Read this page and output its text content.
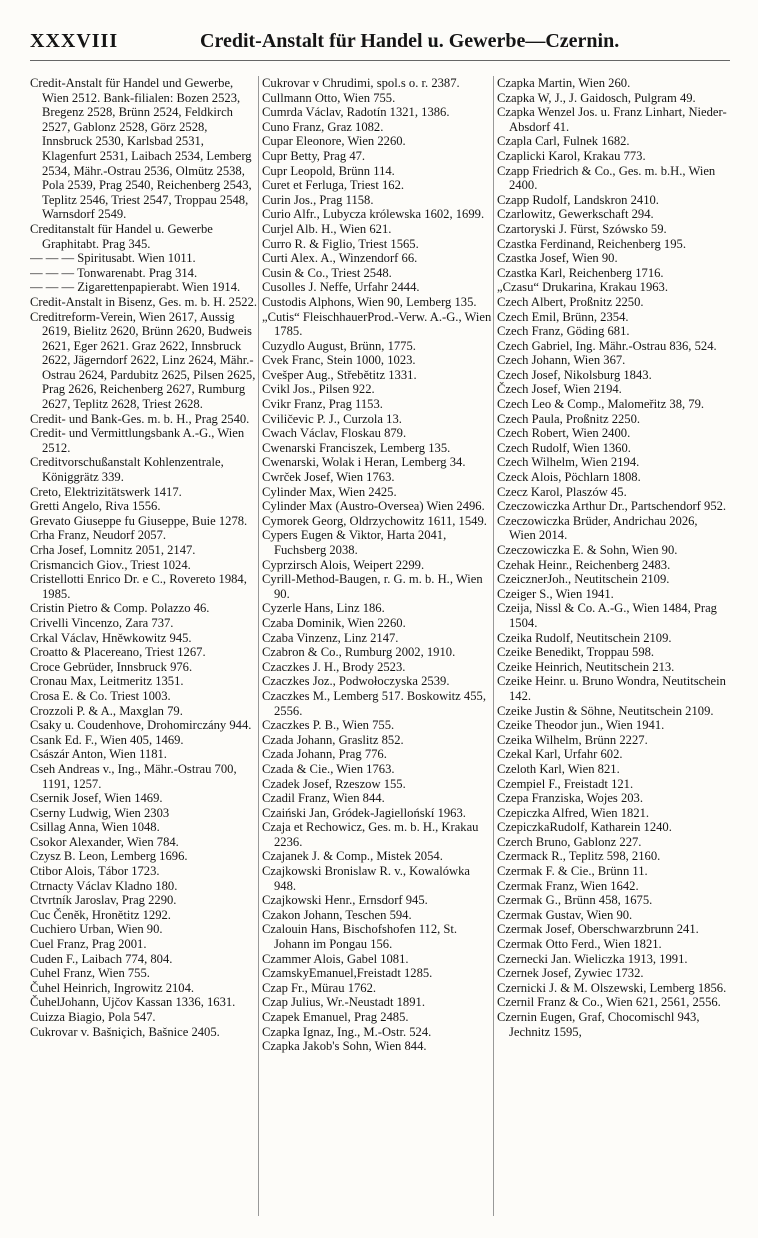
XXXVIII	Credit-Anstalt für Handel u. Gewerbe—Czernin.
Credit-Anstalt für Handel und Gewerbe, Wien 2512. Bank-filialen: Bozen 2523, Bregenz 2528, Brünn 2524, Feldkirch 2527, Gablonz 2528, Görz 2528, Innsbruck 2530, Karlsbad 2531, Klagenfurt 2531, Laibach 2534, Lemberg 2534, Mähr.-Ostrau 2536, Olmütz 2538, Pola 2539, Prag 2540, Reichenberg 2543, Teplitz 2546, Triest 2547, Troppau 2548, Warnsdorf 2549.
Creditanstalt für Handel u. Gewerbe Graphitabt. Prag 345.
— — — Spiritusabt. Wien 1011.
— — — Tonwarenabt. Prag 314.
— — — Zigarettenpapierabt. Wien 1914.
Credit-Anstalt in Bisenz, Ges. m. b. H. 2522.
Creditreform-Verein, Wien 2617, Aussig 2619, Bielitz 2620, Brünn 2620, Budweis 2621, Eger 2621. Graz 2622, Innsbruck 2622, Jägerndorf 2622, Linz 2624, Mähr.-Ostrau 2624, Pardubitz 2625, Pilsen 2625, Prag 2626, Reichenberg 2627, Rumburg 2627, Teplitz 2628, Triest 2628.
Credit- und Bank-Ges. m. b. H., Prag 2540.
Credit- und Vermittlungsbank A.-G., Wien 2512.
Creditvorschußanstalt Kohlenzentrale, Königgrätz 339.
Creto, Elektrizitätswerk 1417.
Gretti Angelo, Riva 1556.
Grevato Giuseppe fu Giuseppe, Buie 1278.
Crha Franz, Neudorf 2057.
Crha Josef, Lomnitz 2051, 2147.
Crismancich Giov., Triest 1024.
Cristellotti Enrico Dr. e C., Rovereto 1984, 1985.
Cristin Pietro & Comp. Polazzo 46.
Crivelli Vincenzo, Zara 737.
Crkal Václav, Hněwkowitz 945.
Croatto & Placereano, Triest 1267.
Croce Gebrüder, Innsbruck 976.
Cronau Max, Leitmeritz 1351.
Crosa E. & Co. Triest 1003.
Crozzoli P. & A., Maxglan 79.
Csaky u. Coudenhove, Drohomirczány 944.
Csank Ed. F., Wien 405, 1469.
Császár Anton, Wien 1181.
Cseh Andreas v., Ing., Mähr.-Ostrau 700, 1191, 1257.
Csernik Josef, Wien 1469.
Cserny Ludwig, Wien 2303
Csillag Anna, Wien 1048.
Csokor Alexander, Wien 784.
Czysz B. Leon, Lemberg 1696.
Ctibor Alois, Tábor 1723.
Ctrnacty Václav Kladno 180.
Ctvrtník Jaroslav, Prag 2290.
Cuc Čeněk, Hronětitz 1292.
Cuchiero Urban, Wien 90.
Cuel Franz, Prag 2001.
Cuden F., Laibach 774, 804.
Cuhel Franz, Wien 755.
Čuhel Heinrich, Ingrowitz 2104.
ČuhelJohann, Ujčov Kassan 1336, 1631.
Cuizza Biagio, Pola 547.
Cukrovar v. Bašniçich, Bašnice 2405.
Cukrovar v Chrudimi, spol.s o. r. 2387.
Cullmann Otto, Wien 755.
Cumrda Václav, Radotín 1321, 1386.
Cuno Franz, Graz 1082.
Cupar Eleonore, Wien 2260.
Cupr Betty, Prag 47.
Cupr Leopold, Brünn 114.
Curet et Ferluga, Triest 162.
Curin Jos., Prag 1158.
Curio Alfr., Lubycza królewska 1602, 1699.
Curjel Alb. H., Wien 621.
Curro R. & Figlio, Triest 1565.
Curti Alex. A., Winzendorf 66.
Cusin & Co., Triest 2548.
Cusolles J. Neffe, Urfahr 2444.
Custodis Alphons, Wien 90, Lemberg 135.
„Cutis“ FleischhauerProd.-Verw. A.-G., Wien 1785.
Cuzydlo August, Brünn, 1775.
Cvek Franc, Stein 1000, 1023.
Cvešper Aug., Střebětitz 1331.
Cvikl Jos., Pilsen 922.
Cvikr Franz, Prag 1153.
Cviličevic P. J., Curzola 13.
Cwach Václav, Floskau 879.
Cwenarski Franciszek, Lemberg 135.
Cwenarski, Wolak i Heran, Lemberg 34.
Cwrček Josef, Wien 1763.
Cylinder Max, Wien 2425.
Cylinder Max (Austro-Oversea) Wien 2496.
Cymorek Georg, Oldrzychowitz 1611, 1549.
Cypers Eugen & Viktor, Harta 2041, Fuchsberg 2038.
Cyprzirsch Alois, Weipert 2299.
Cyrill-Method-Baugen, r. G. m. b. H., Wien 90.
Cyzerle Hans, Linz 186.
Czaba Dominik, Wien 2260.
Czaba Vinzenz, Linz 2147.
Czabron & Co., Rumburg 2002, 1910.
Czaczkes J. H., Brody 2523.
Czaczkes Joz., Podwołoczyska 2539.
Czaczkes M., Lemberg 517. Boskowitz 455, 2556.
Czaczkes P. B., Wien 755.
Czada Johann, Graslitz 852.
Czada Johann, Prag 776.
Czada & Cie., Wien 1763.
Czadek Josef, Rzeszow 155.
Czadil Franz, Wien 844.
Czaiński Jan, Gródek-Jagiellońskí 1963.
Czaja et Rechowicz, Ges. m. b. H., Krakau 2236.
Czajanek J. & Comp., Mistek 2054.
Czajkowski Bronislaw R. v., Kowalówka 948.
Czajkowski Henr., Ernsdorf 945.
Czakon Johann, Teschen 594.
Czalouin Hans, Bischofshofen 112, St. Johann im Pongau 156.
Czammer Alois, Gabel 1081.
CzamskyEmanuel,Freistadt 1285.
Czap Fr., Mürau 1762.
Czap Julius, Wr.-Neustadt 1891.
Czapek Emanuel, Prag 2485.
Czapka Ignaz, Ing., M.-Ostr. 524.
Czapka Jakob's Sohn, Wien 844.
Czapka Martin, Wien 260.
Czapka W, J., J. Gaidosch, Pulgram 49.
Czapka Wenzel Jos. u. Franz Linhart, Nieder-Absdorf 41.
Czapla Carl, Fulnek 1682.
Czaplicki Karol, Krakau 773.
Czapp Friedrich & Co., Ges. m. b.H., Wien 2400.
Czapp Rudolf, Landskron 2410.
Czarlowitz, Gewerkschaft 294.
Czartoryski J. Fürst, Szówsko 59.
Czastka Ferdinand, Reichenberg 195.
Czastka Josef, Wien 90.
Czastka Karl, Reichenberg 1716.
„Czasu“ Drukarina, Krakau 1963.
Czech Albert, Proßnitz 2250.
Czech Emil, Brünn, 2354.
Czech Franz, Göding 681.
Czech Gabriel, Ing. Mähr.-Ostrau 836, 524.
Czech Johann, Wien 367.
Czech Josef, Nikolsburg 1843.
Čzech Josef, Wien 2194.
Czech Leo & Comp., Malomeřitz 38, 79.
Czech Paula, Proßnitz 2250.
Czech Robert, Wien 2400.
Czech Rudolf, Wien 1360.
Czech Wilhelm, Wien 2194.
Czeck Alois, Pöchlarn 1808.
Czecz Karol, Plaszów 45.
Czeczowiczka Arthur Dr., Partschendorf 952.
Czeczowiczka Brüder, Andrichau 2026, Wien 2014.
Czeczowiczka E. & Sohn, Wien 90.
Czehak Heinr., Reichenberg 2483.
CzeicznerJoh., Neutitschein 2109.
Czeiger S., Wien 1941.
Czeija, Nissl & Co. A.-G., Wien 1484, Prag 1504.
Czeika Rudolf, Neutitschein 2109.
Czeike Benedikt, Troppau 598.
Czeike Heinrich, Neutitschein 213.
Czeike Heinr. u. Bruno Wondra, Neutitschein 142.
Czeike Justin & Söhne, Neutitschein 2109.
Czeike Theodor jun., Wien 1941.
Czeika Wilhelm, Brünn 2227.
Czekal Karl, Urfahr 602.
Czeloth Karl, Wien 821.
Czempiel F., Freistadt 121.
Czepa Franziska, Wojes 203.
Czepiczka Alfred, Wien 1821.
CzepiczkaRudolf, Katharein 1240.
Czerch Bruno, Gablonz 227.
Czermack R., Teplitz 598, 2160.
Czermak F. & Cie., Brünn 11.
Czermak Franz, Wien 1642.
Czermak G., Brünn 458, 1675.
Czermak Gustav, Wien 90.
Czermak Josef, Oberschwarzbrunn 241.
Czermak Otto Ferd., Wien 1821.
Czernecki Jan. Wieliczka 1913, 1991.
Czernek Josef, Zywiec 1732.
Czernicki J. & M. Olszewski, Lemberg 1856.
Czernil Franz & Co., Wien 621, 2561, 2556.
Czernin Eugen, Graf, Chocomischl 943, Jechnitz 1595,
